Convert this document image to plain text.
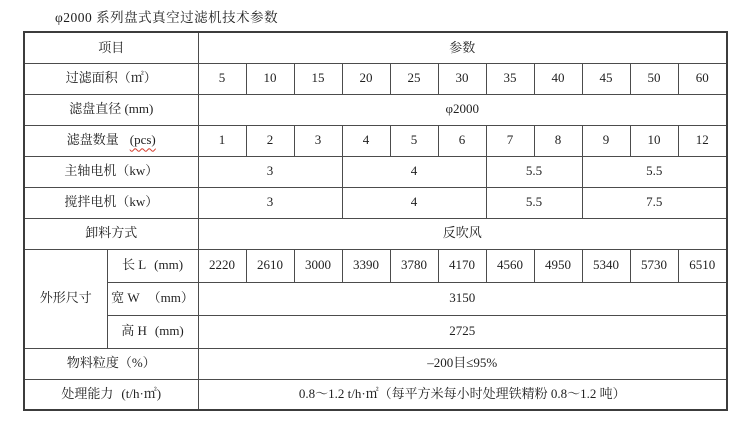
φ2000 系列盘式真空过滤机技术参数
项目		参数										
过滤面积（㎡）		5	10	15	20	25	30	35	40	45	50	60
滤盘直径 (mm)		φ2000										
滤盘数量 (pcs)		1	2	3	4	5	6	7	8	9	10	12
主轴电机（kw）		3			4			5.5		5.5		
搅拌电机（kw）		3			4			5.5		7.5		
卸料方式		反吹风										
外形尺寸	长 L (mm)	2220	2610	3000	3390	3780	4170	4560	4950	5340	5730	6510
	宽 W （mm）	3150										
	高 H (mm)	2725										
物料粒度（%）		–200目≤95%										
处理能力 (t/h·㎡)		0.8～1.2 t/h·㎡（每平方米每小时处理铁精粉 0.8～1.2 吨）										
